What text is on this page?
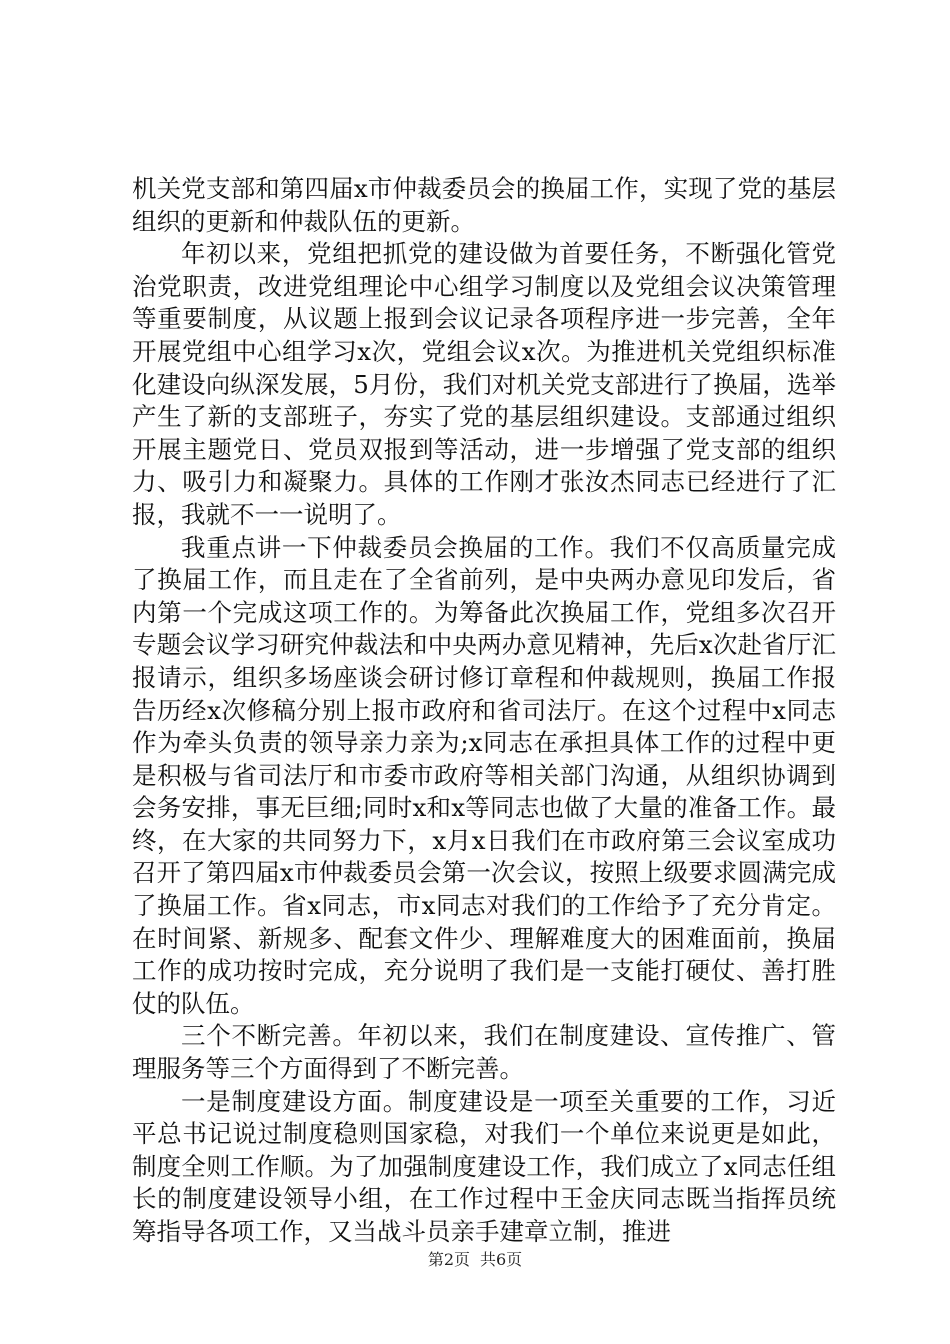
机关党支部和第四届x市仲裁委员会的换届工作，实现了党的基层组织的更新和仲裁队伍的更新。

年初以来，党组把抓党的建设做为首要任务，不断强化管党治党职责，改进党组理论中心组学习制度以及党组会议决策管理等重要制度，从议题上报到会议记录各项程序进一步完善，全年开展党组中心组学习x次，党组会议x次。为推进机关党组织标准化建设向纵深发展，5月份，我们对机关党支部进行了换届，选举产生了新的支部班子，夯实了党的基层组织建设。支部通过组织开展主题党日、党员双报到等活动，进一步增强了党支部的组织力、吸引力和凝聚力。具体的工作刚才张汝杰同志已经进行了汇报，我就不一一说明了。

我重点讲一下仲裁委员会换届的工作。我们不仅高质量完成了换届工作，而且走在了全省前列，是中央两办意见印发后，省内第一个完成这项工作的。为筹备此次换届工作，党组多次召开专题会议学习研究仲裁法和中央两办意见精神，先后x次赴省厅汇报请示，组织多场座谈会研讨修订章程和仲裁规则，换届工作报告历经x次修稿分别上报市政府和省司法厅。在这个过程中x同志作为牵头负责的领导亲力亲为;x同志在承担具体工作的过程中更是积极与省司法厅和市委市政府等相关部门沟通，从组织协调到会务安排，事无巨细;同时x和x等同志也做了大量的准备工作。最终，在大家的共同努力下，x月x日我们在市政府第三会议室成功召开了第四届x市仲裁委员会第一次会议，按照上级要求圆满完成了换届工作。省x同志，市x同志对我们的工作给予了充分肯定。在时间紧、新规多、配套文件少、理解难度大的困难面前，换届工作的成功按时完成，充分说明了我们是一支能打硬仗、善打胜仗的队伍。

三个不断完善。年初以来，我们在制度建设、宣传推广、管理服务等三个方面得到了不断完善。

一是制度建设方面。制度建设是一项至关重要的工作，习近平总书记说过制度稳则国家稳，对我们一个单位来说更是如此，制度全则工作顺。为了加强制度建设工作，我们成立了x同志任组长的制度建设领导小组，在工作过程中王金庆同志既当指挥员统筹指导各项工作，又当战斗员亲手建章立制，推进

第2页 共6页
